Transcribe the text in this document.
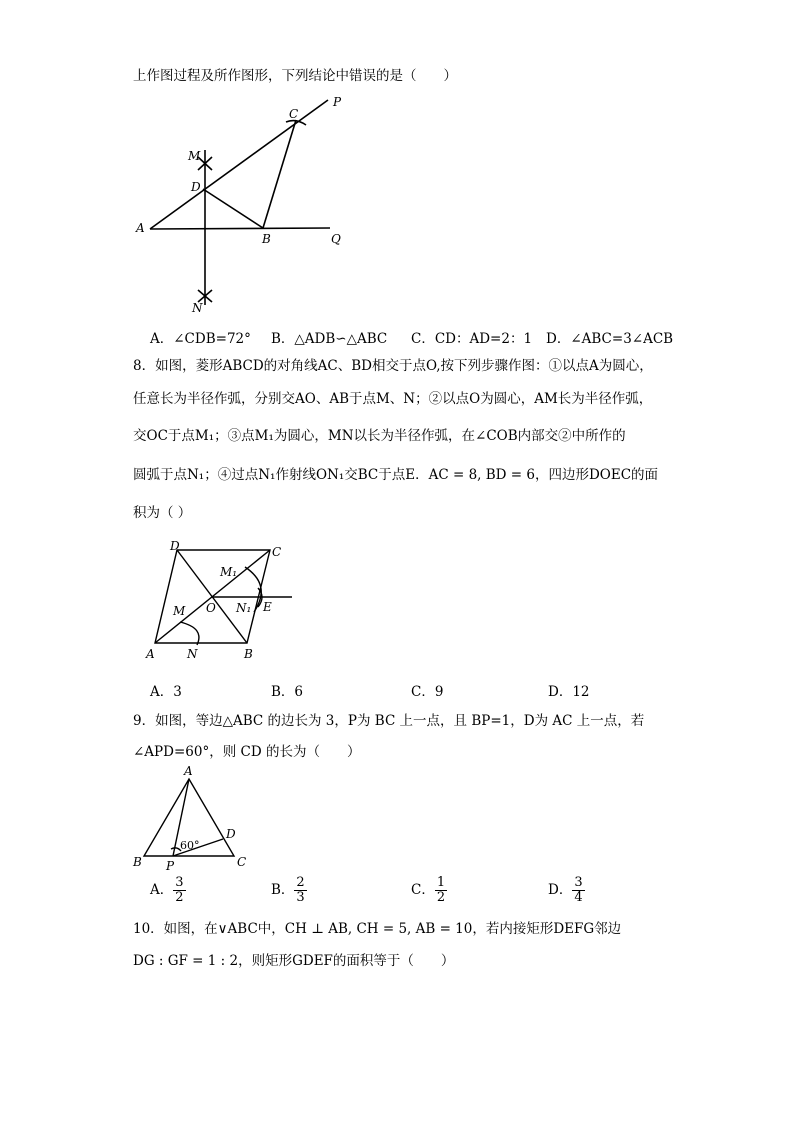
上作图过程及所作图形，下列结论中错误的是（　　）
P
C
M
D
A
B	Q
N
A．∠CDB=72° B．△ADB∽△ABC C．CD：AD=2：1 D．∠ABC=3∠ACB
8．如图，菱形ABCD的对角线AC、BD相交于点O,按下列步骤作图：①以点A为圆心，
任意长为半径作弧，分别交AO、AB于点M、N；②以点O为圆心，AM长为半径作弧，
交OC于点M₁；③点M₁为圆心，MN以长为半径作弧，在∠COB内部交②中所作的
圆弧于点N₁；④过点N₁作射线ON₁交BC于点E．AC = 8, BD = 6，四边形DOEC的面
积为（ ）
D	C
M₁
M O N₁ E
A	N	B
A．3	B．6	C．9	D．12
9．如图，等边△ABC 的边长为 3，P为 BC 上一点，且 BP=1，D为 AC 上一点，若
∠APD=60°，则 CD 的长为（　　）
A
D
60°
B P	C
A． $\frac{3}{2}$	B． $\frac{2}{3}$	C． $\frac{1}{2}$	D． $\frac{3}{4}$
10．如图，在∨ABC中，CH ⊥ AB, CH = 5, AB = 10，若内接矩形DEFG邻边
DG : GF = 1 : 2，则矩形GDEF的面积等于（　　）
